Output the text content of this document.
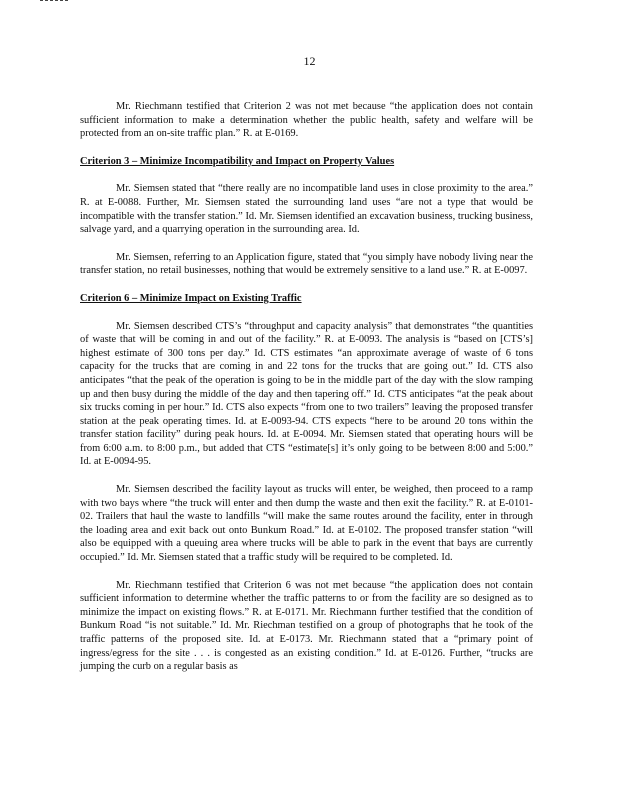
12

Mr. Riechmann testified that Criterion 2 was not met because “the application does not contain sufficient information to make a determination whether the public health, safety and welfare will be protected from an on-site traffic plan.” R. at E-0169.

Criterion 3 – Minimize Incompatibility and Impact on Property Values

Mr. Siemsen stated that “there really are no incompatible land uses in close proximity to the area.” R. at E-0088. Further, Mr. Siemsen stated the surrounding land uses “are not a type that would be incompatible with the transfer station.” Id. Mr. Siemsen identified an excavation business, trucking business, salvage yard, and a quarrying operation in the surrounding area. Id.

Mr. Siemsen, referring to an Application figure, stated that “you simply have nobody living near the transfer station, no retail businesses, nothing that would be extremely sensitive to a land use.” R. at E-0097.

Criterion 6 – Minimize Impact on Existing Traffic

Mr. Siemsen described CTS’s “throughput and capacity analysis” that demonstrates “the quantities of waste that will be coming in and out of the facility.” R. at E-0093. The analysis is “based on [CTS’s] highest estimate of 300 tons per day.” Id. CTS estimates “an approximate average of waste of 6 tons capacity for the trucks that are coming in and 22 tons for the trucks that are going out.” Id. CTS also anticipates “that the peak of the operation is going to be in the middle part of the day with the slow ramping up and then busy during the middle of the day and then tapering off.” Id. CTS anticipates “at the peak about six trucks coming in per hour.” Id. CTS also expects “from one to two trailers” leaving the proposed transfer station at the peak operating times. Id. at E-0093-94. CTS expects “here to be around 20 tons within the transfer station facility” during peak hours. Id. at E-0094. Mr. Siemsen stated that operating hours will be from 6:00 a.m. to 8:00 p.m., but added that CTS “estimate[s] it’s only going to be between 8:00 and 5:00.” Id. at E-0094-95.

Mr. Siemsen described the facility layout as trucks will enter, be weighed, then proceed to a ramp with two bays where “the truck will enter and then dump the waste and then exit the facility.” R. at E-0101-02. Trailers that haul the waste to landfills “will make the same routes around the facility, enter in through the loading area and exit back out onto Bunkum Road.” Id. at E-0102. The proposed transfer station “will also be equipped with a queuing area where trucks will be able to park in the event that bays are currently occupied.” Id. Mr. Siemsen stated that a traffic study will be required to be completed. Id.

Mr. Riechmann testified that Criterion 6 was not met because “the application does not contain sufficient information to determine whether the traffic patterns to or from the facility are so designed as to minimize the impact on existing flows.” R. at E-0171. Mr. Riechmann further testified that the condition of Bunkum Road “is not suitable.” Id. Mr. Riechman testified on a group of photographs that he took of the traffic patterns of the proposed site. Id. at E-0173. Mr. Riechmann stated that a “primary point of ingress/egress for the site . . . is congested as an existing condition.” Id. at E-0126. Further, “trucks are jumping the curb on a regular basis as
